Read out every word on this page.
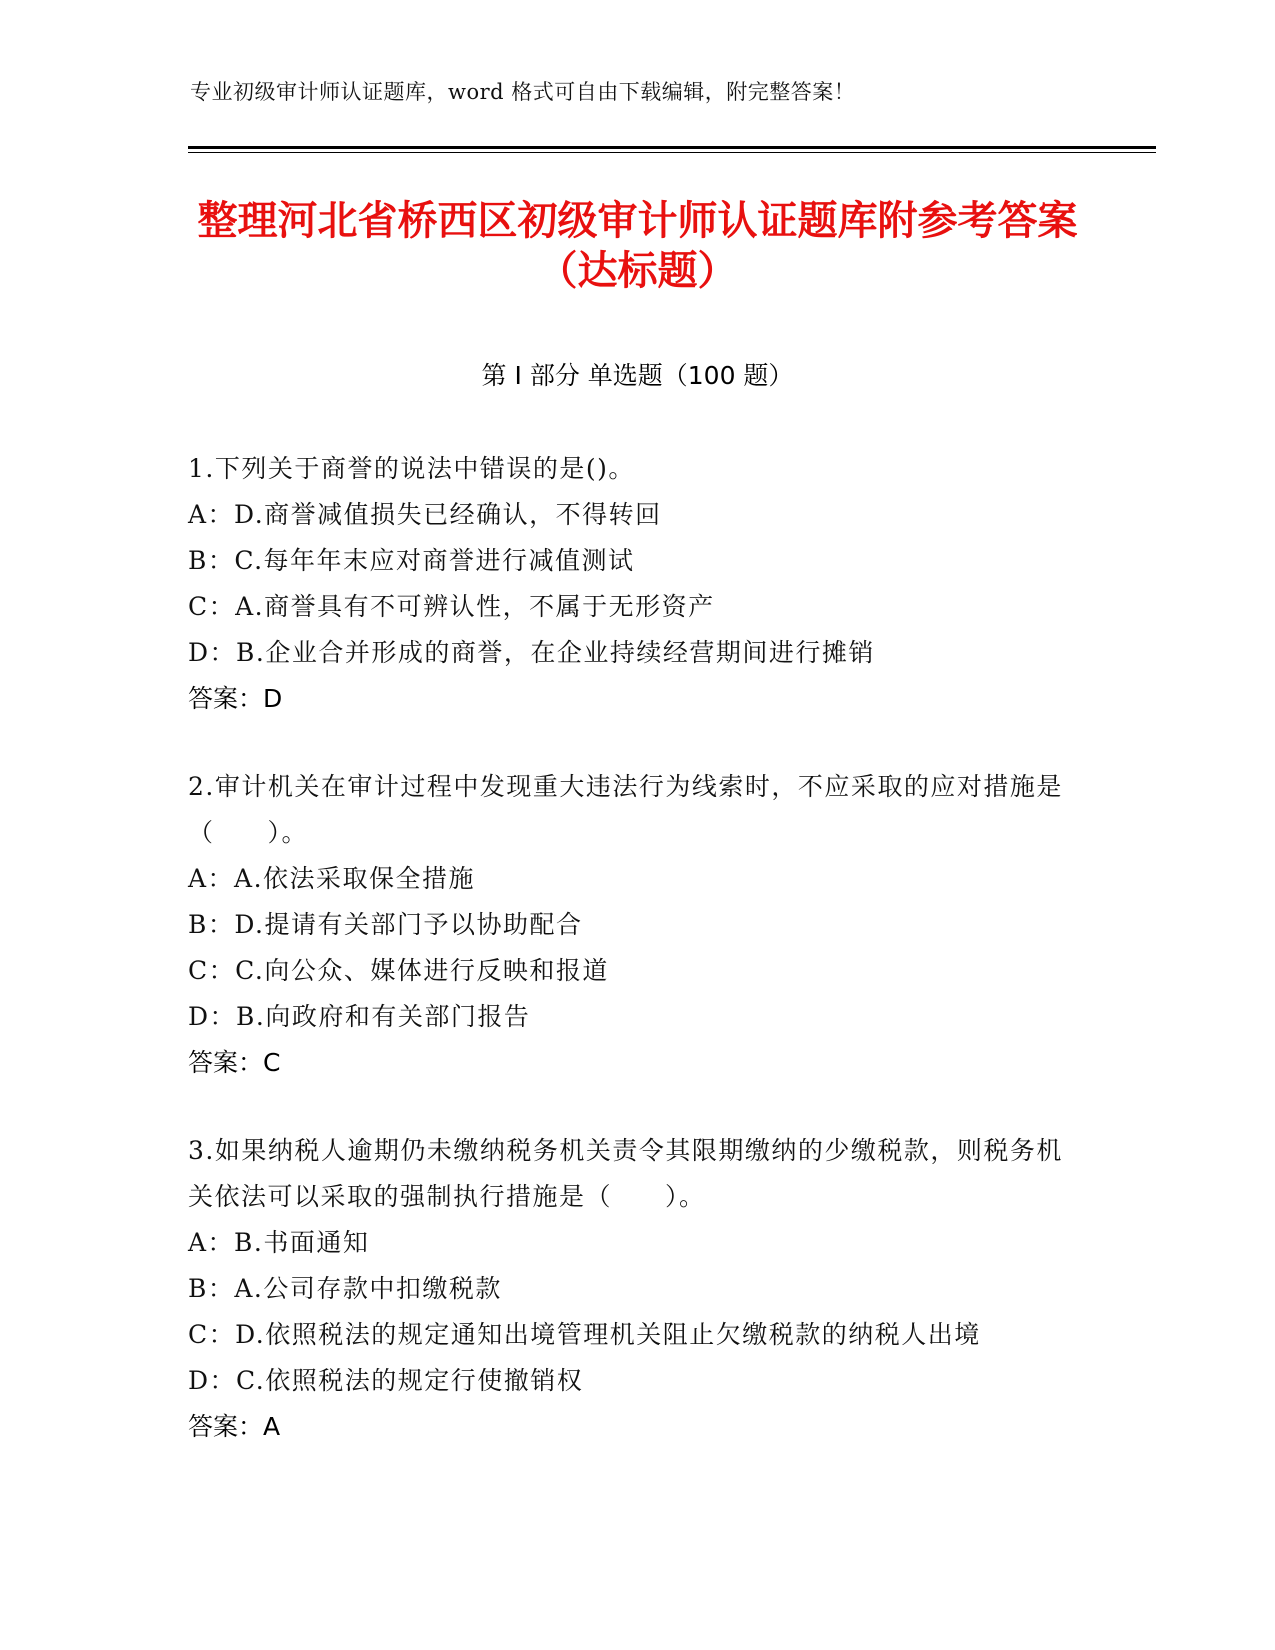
专业初级审计师认证题库，word 格式可自由下载编辑，附完整答案！
整理河北省桥西区初级审计师认证题库附参考答案（达标题）
第 I 部分 单选题（100 题）
1.下列关于商誉的说法中错误的是()。
A：D.商誉减值损失已经确认，不得转回
B：C.每年年末应对商誉进行减值测试
C：A.商誉具有不可辨认性，不属于无形资产
D：B.企业合并形成的商誉，在企业持续经营期间进行摊销
答案：D
2.审计机关在审计过程中发现重大违法行为线索时，不应采取的应对措施是（　　）。
A：A.依法采取保全措施
B：D.提请有关部门予以协助配合
C：C.向公众、媒体进行反映和报道
D：B.向政府和有关部门报告
答案：C
3.如果纳税人逾期仍未缴纳税务机关责令其限期缴纳的少缴税款，则税务机关依法可以采取的强制执行措施是（　　）。
A：B.书面通知
B：A.公司存款中扣缴税款
C：D.依照税法的规定通知出境管理机关阻止欠缴税款的纳税人出境
D：C.依照税法的规定行使撤销权
答案：A
